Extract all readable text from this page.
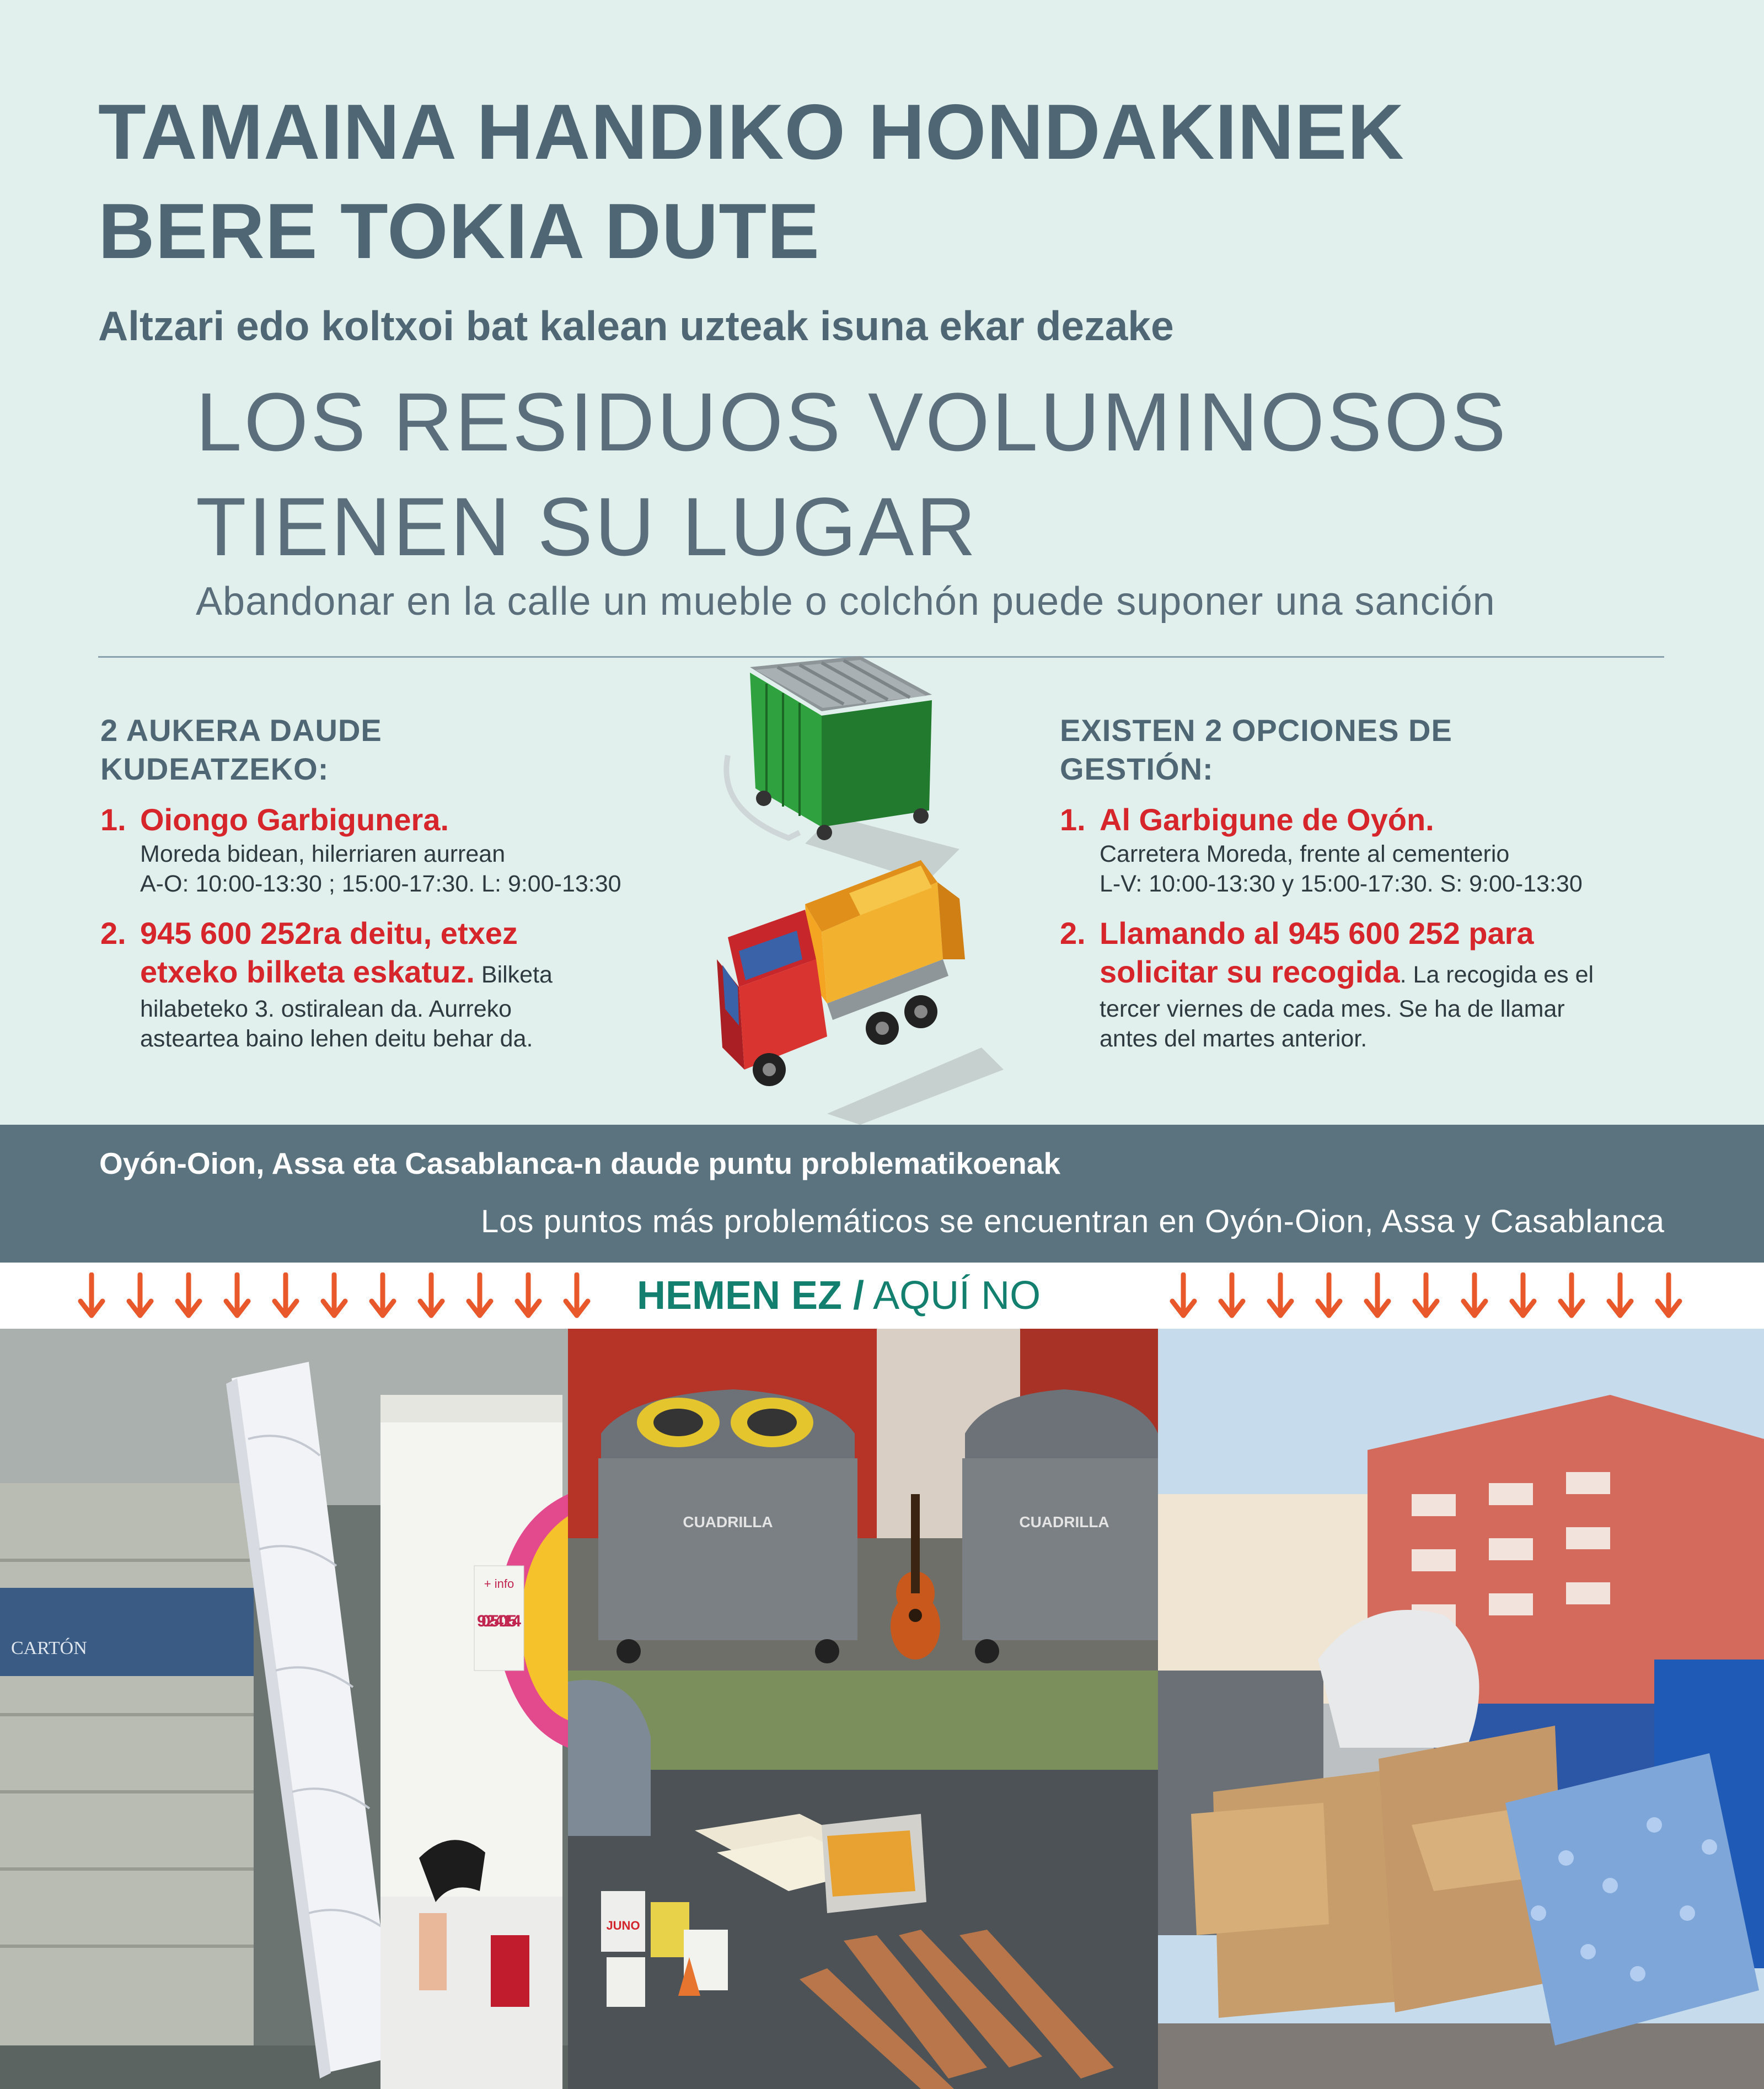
TAMAINA HANDIKO HONDAKINEK
BERE TOKIA DUTE
Altzari edo koltxoi bat kalean uzteak isuna ekar dezake
LOS RESIDUOS VOLUMINOSOS
TIENEN SU LUGAR
Abandonar en la calle un mueble o colchón puede suponer una sanción
2 AUKERA DAUDE
KUDEATZEKO:
1. Oiongo Garbigunera.
Moreda bidean, hilerriaren aurrean
A-O: 10:00-13:30 ; 15:00-17:30. L: 9:00-13:30
2. 945 600 252ra deitu, etxez
etxeko bilketa eskatuz. Bilketa
hilabeteko 3. ostiralean da. Aurreko
asteartea baino lehen deitu behar da.
EXISTEN 2 OPCIONES DE
GESTIÓN:
1. Al Garbigune de Oyón.
Carretera Moreda, frente al cementerio
L-V: 10:00-13:30 y 15:00-17:30. S: 9:00-13:30
2. Llamando al 945 600 252 para
solicitar su recogida. La recogida es el
tercer viernes de cada mes. Se ha de llamar
antes del martes anterior.
Oyón-Oion, Assa eta Casablanca-n daude puntu problematikoenak
Los puntos más problemáticos se encuentran en Oyón-Oion, Assa y Casablanca
HEMEN EZ / AQUÍ NO
CARTÓN
+ info
902 540 154
CUADRILLA	CUADRILLA
JUNO
